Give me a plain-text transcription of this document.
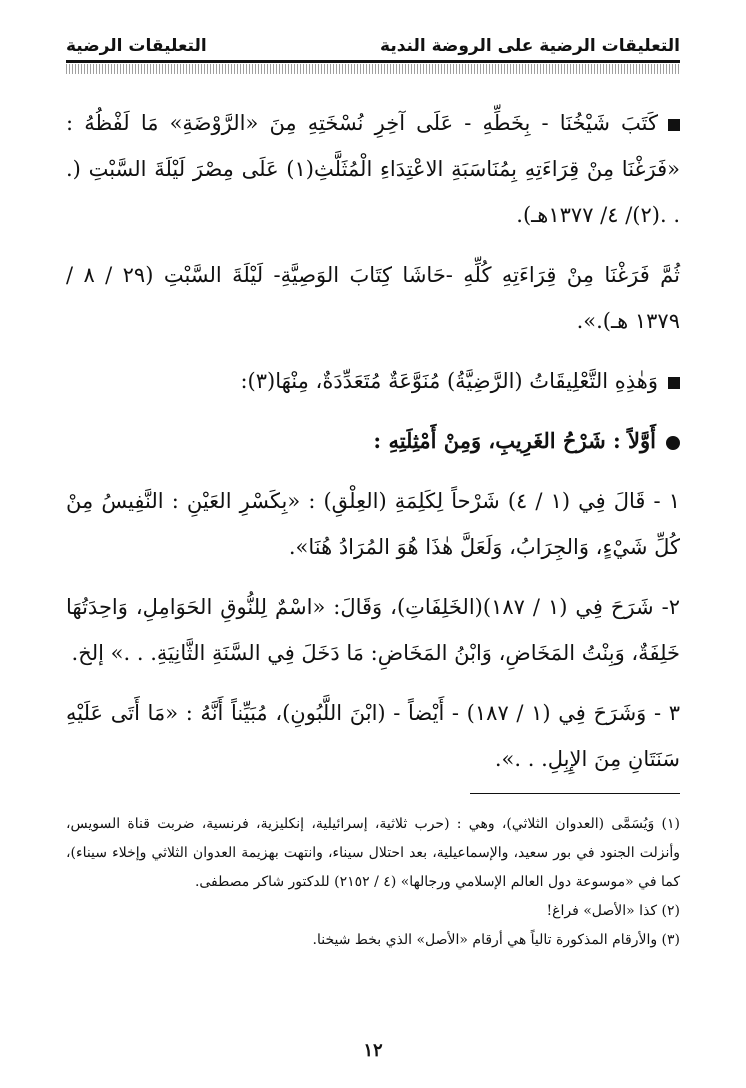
التعليقات الرضية على الروضة الندية
التعليقات الرضية

كَتَبَ شَيْخُنَا - بِخَطِّهِ - عَلَى آخِرِ نُسْخَتِهِ مِنَ «الرَّوْضَةِ» مَا لَفْظُهُ : «فَرَغْنَا مِنْ قِرَاءَتِهِ بِمُنَاسَبَةِ الاعْتِدَاءِ الْمُثَلَّثِ(١) عَلَى مِصْرَ لَيْلَةَ السَّبْتِ (. . .(٢)/ ٤/ ١٣٧٧هـ).

ثُمَّ فَرَغْنَا مِنْ قِرَاءَتِهِ كُلِّهِ -حَاشَا كِتَابَ الوَصِيَّةِ- لَيْلَةَ السَّبْتِ (٢٩ / ٨ / ١٣٧٩ هـ).».

وَهٰذِهِ التَّعْلِيقَاتُ (الرَّضِيَّةُ) مُنَوَّعَةٌ مُتَعَدِّدَةٌ، مِنْهَا(٣):

أَوَّلاً : شَرْحُ الغَرِيبِ، وَمِنْ أَمْثِلَتِهِ :

١ - قَالَ فِي (١ / ٤) شَرْحاً لِكَلِمَةِ (العِلْقِ) : «بِكَسْرِ العَيْنِ : النَّفِيسُ مِنْ كُلِّ شَيْءٍ، وَالجِرَابُ، وَلَعَلَّ هٰذَا هُوَ المُرَادُ هُنَا».

٢- شَرَحَ فِي (١ / ١٨٧)(الخَلِفَاتِ)، وَقَالَ: «اسْمٌ لِلنُّوقِ الحَوَامِلِ، وَاحِدَتُهَا خَلِفَةٌ، وَبِنْتُ المَخَاضِ، وَابْنُ المَخَاضِ: مَا دَخَلَ فِي السَّنَةِ الثَّانِيَةِ. . .» إلخ.

٣ - وَشَرَحَ فِي (١ / ١٨٧) - أَيْضاً - (ابْنَ اللَّبُونِ)، مُبَيِّناً أَنَّهُ : «مَا أَتَى عَلَيْهِ سَنَتَانِ مِنَ الإِبِلِ. . .».

(١) وَيُسَمَّى (العدوان الثلاثي)، وهي : (حرب ثلاثية، إسرائيلية، إنكليزية، فرنسية، ضربت قناة السويس، وأنزلت الجنود في بور سعيد، والإسماعيلية، بعد احتلال سيناء، وانتهت بهزيمة العدوان الثلاثي وإخلاء سيناء)، كما في «موسوعة دول العالم الإسلامي ورجالها» (٤ / ٢١٥٢) للدكتور شاكر مصطفى.

(٢) كذا «الأصل» فراغ!

(٣) والأرقام المذكورة تالياً هي أرقام «الأصل» الذي بخط شيخنا.

١٢
